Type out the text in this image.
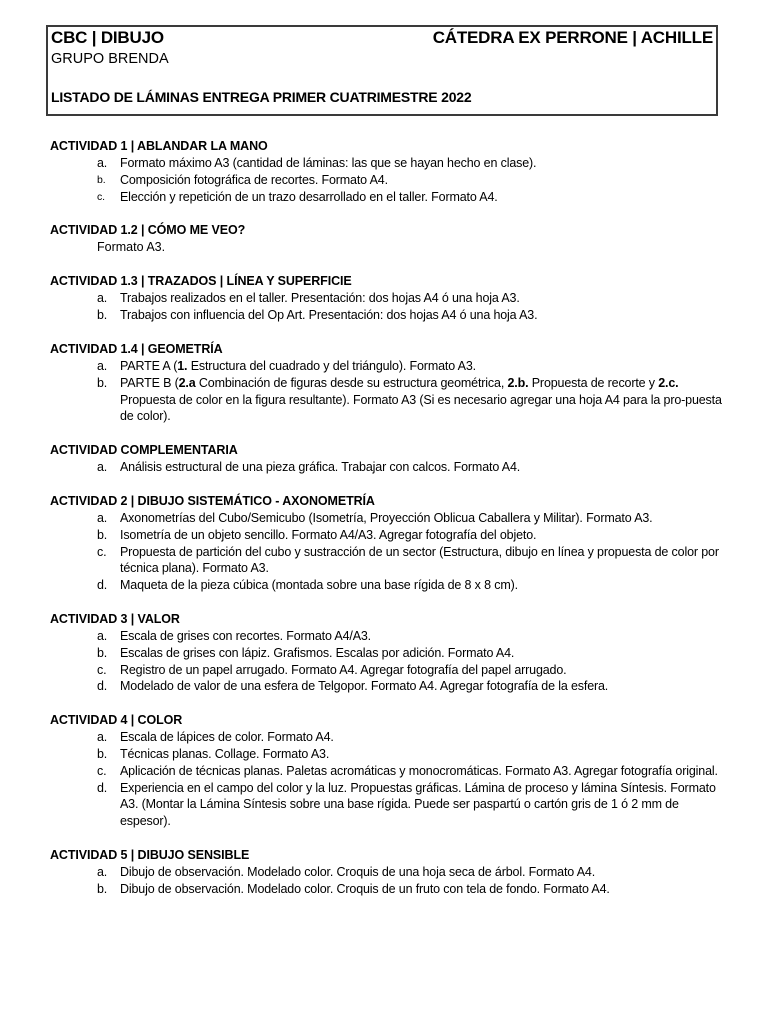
CBC | DIBUJO	CÁTEDRA EX PERRONE | ACHILLE
GRUPO BRENDA
LISTADO DE LÁMINAS ENTREGA PRIMER CUATRIMESTRE 2022
ACTIVIDAD 1 | ABLANDAR LA MANO
a.	Formato máximo A3 (cantidad de láminas: las que se hayan hecho en clase).
b.	Composición fotográfica de recortes. Formato A4.
c.	Elección y repetición de un trazo desarrollado en el taller. Formato A4.
ACTIVIDAD 1.2 | CÓMO ME VEO?
Formato A3.
ACTIVIDAD 1.3 | TRAZADOS | LÍNEA Y SUPERFICIE
a.	Trabajos realizados en el taller. Presentación: dos hojas A4 ó una hoja A3.
b.	Trabajos con influencia del Op Art. Presentación: dos hojas A4 ó una hoja A3.
ACTIVIDAD 1.4 | GEOMETRÍA
a.	PARTE A (1. Estructura del cuadrado y del triángulo). Formato A3.
b.	PARTE B (2.a Combinación de figuras desde su estructura geométrica, 2.b. Propuesta de recorte y 2.c. Propuesta de color en la figura resultante). Formato A3 (Si es necesario agregar una hoja A4 para la pro-puesta de color).
ACTIVIDAD COMPLEMENTARIA
a.	Análisis estructural de una pieza gráfica. Trabajar con calcos. Formato A4.
ACTIVIDAD 2 | DIBUJO SISTEMÁTICO - AXONOMETRÍA
a.	Axonometrías del Cubo/Semicubo (Isometría, Proyección Oblicua Caballera y Militar). Formato A3.
b.	Isometría de un objeto sencillo. Formato A4/A3. Agregar fotografía del objeto.
c.	Propuesta de partición del cubo y sustracción de un sector (Estructura, dibujo en línea y propuesta de color por técnica plana). Formato A3.
d.	Maqueta de la pieza cúbica (montada sobre una base rígida de 8 x 8 cm).
ACTIVIDAD 3 | VALOR
a.	Escala de grises con recortes. Formato A4/A3.
b.	Escalas de grises con lápiz. Grafismos. Escalas por adición. Formato A4.
c.	Registro de un papel arrugado. Formato A4. Agregar fotografía del papel arrugado.
d.	Modelado de valor de una esfera de Telgopor. Formato A4. Agregar fotografía de la esfera.
ACTIVIDAD 4 | COLOR
a.	Escala de lápices de color. Formato A4.
b.	Técnicas planas. Collage. Formato A3.
c.	Aplicación de técnicas planas. Paletas acromáticas y monocromáticas. Formato A3. Agregar fotografía original.
d.	Experiencia en el campo del color y la luz. Propuestas gráficas. Lámina de proceso y lámina Síntesis. Formato A3. (Montar la Lámina Síntesis sobre una base rígida. Puede ser paspartú o cartón gris de 1 ó 2 mm de espesor).
ACTIVIDAD 5 | DIBUJO SENSIBLE
a.	Dibujo de observación. Modelado color. Croquis de una hoja seca de árbol. Formato A4.
b.	Dibujo de observación. Modelado color. Croquis de un fruto con tela de fondo. Formato A4.
